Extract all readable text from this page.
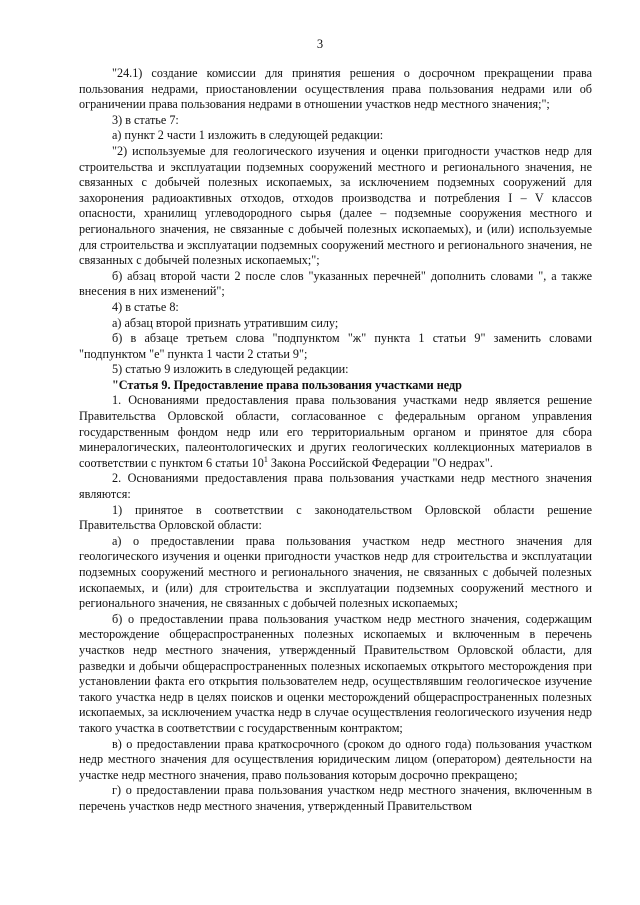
3

"24.1) создание комиссии для принятия решения о досрочном прекращении права пользования недрами, приостановлении осуществления права пользования недрами или об ограничении права пользования недрами в отношении участков недр местного значения;";

3) в статье 7:

а) пункт 2 части 1 изложить в следующей редакции:

"2) используемые для геологического изучения и оценки пригодности участков недр для строительства и эксплуатации подземных сооружений местного и регионального значения, не связанных с добычей полезных ископаемых, за исключением подземных сооружений для захоронения радиоактивных отходов, отходов производства и потребления I – V классов опасности, хранилищ углеводородного сырья (далее – подземные сооружения местного и регионального значения, не связанные с добычей полезных ископаемых), и (или) используемые для строительства и эксплуатации подземных сооружений местного и регионального значения, не связанных с добычей полезных ископаемых;";

б) абзац второй части 2 после слов "указанных перечней" дополнить словами ", а также внесения в них изменений";

4) в статье 8:

а) абзац второй признать утратившим силу;

б) в абзаце третьем слова "подпунктом "ж" пункта 1 статьи 9" заменить словами "подпунктом "е" пункта 1 части 2 статьи 9";

5) статью 9 изложить в следующей редакции:

"Статья 9. Предоставление права пользования участками недр

1. Основаниями предоставления права пользования участками недр является решение Правительства Орловской области, согласованное с федеральным органом управления государственным фондом недр или его территориальным органом и принятое для сбора минералогических, палеонтологических и других геологических коллекционных материалов в соответствии с пунктом 6 статьи $10^1$ Закона Российской Федерации "О недрах".

2. Основаниями предоставления права пользования участками недр местного значения являются:

1) принятое в соответствии с законодательством Орловской области решение Правительства Орловской области:

а) о предоставлении права пользования участком недр местного значения для геологического изучения и оценки пригодности участков недр для строительства и эксплуатации подземных сооружений местного и регионального значения, не связанных с добычей полезных ископаемых, и (или) для строительства и эксплуатации подземных сооружений местного и регионального значения, не связанных с добычей полезных ископаемых;

б) о предоставлении права пользования участком недр местного значения, содержащим месторождение общераспространенных полезных ископаемых и включенным в перечень участков недр местного значения, утвержденный Правительством Орловской области, для разведки и добычи общераспространенных полезных ископаемых открытого месторождения при установлении факта его открытия пользователем недр, осуществлявшим геологическое изучение такого участка недр в целях поисков и оценки месторождений общераспространенных полезных ископаемых, за исключением участка недр в случае осуществления геологического изучения недр такого участка в соответствии с государственным контрактом;

в) о предоставлении права краткосрочного (сроком до одного года) пользования участком недр местного значения для осуществления юридическим лицом (оператором) деятельности на участке недр местного значения, право пользования которым досрочно прекращено;

г) о предоставлении права пользования участком недр местного значения, включенным в перечень участков недр местного значения, утвержденный Правительством
